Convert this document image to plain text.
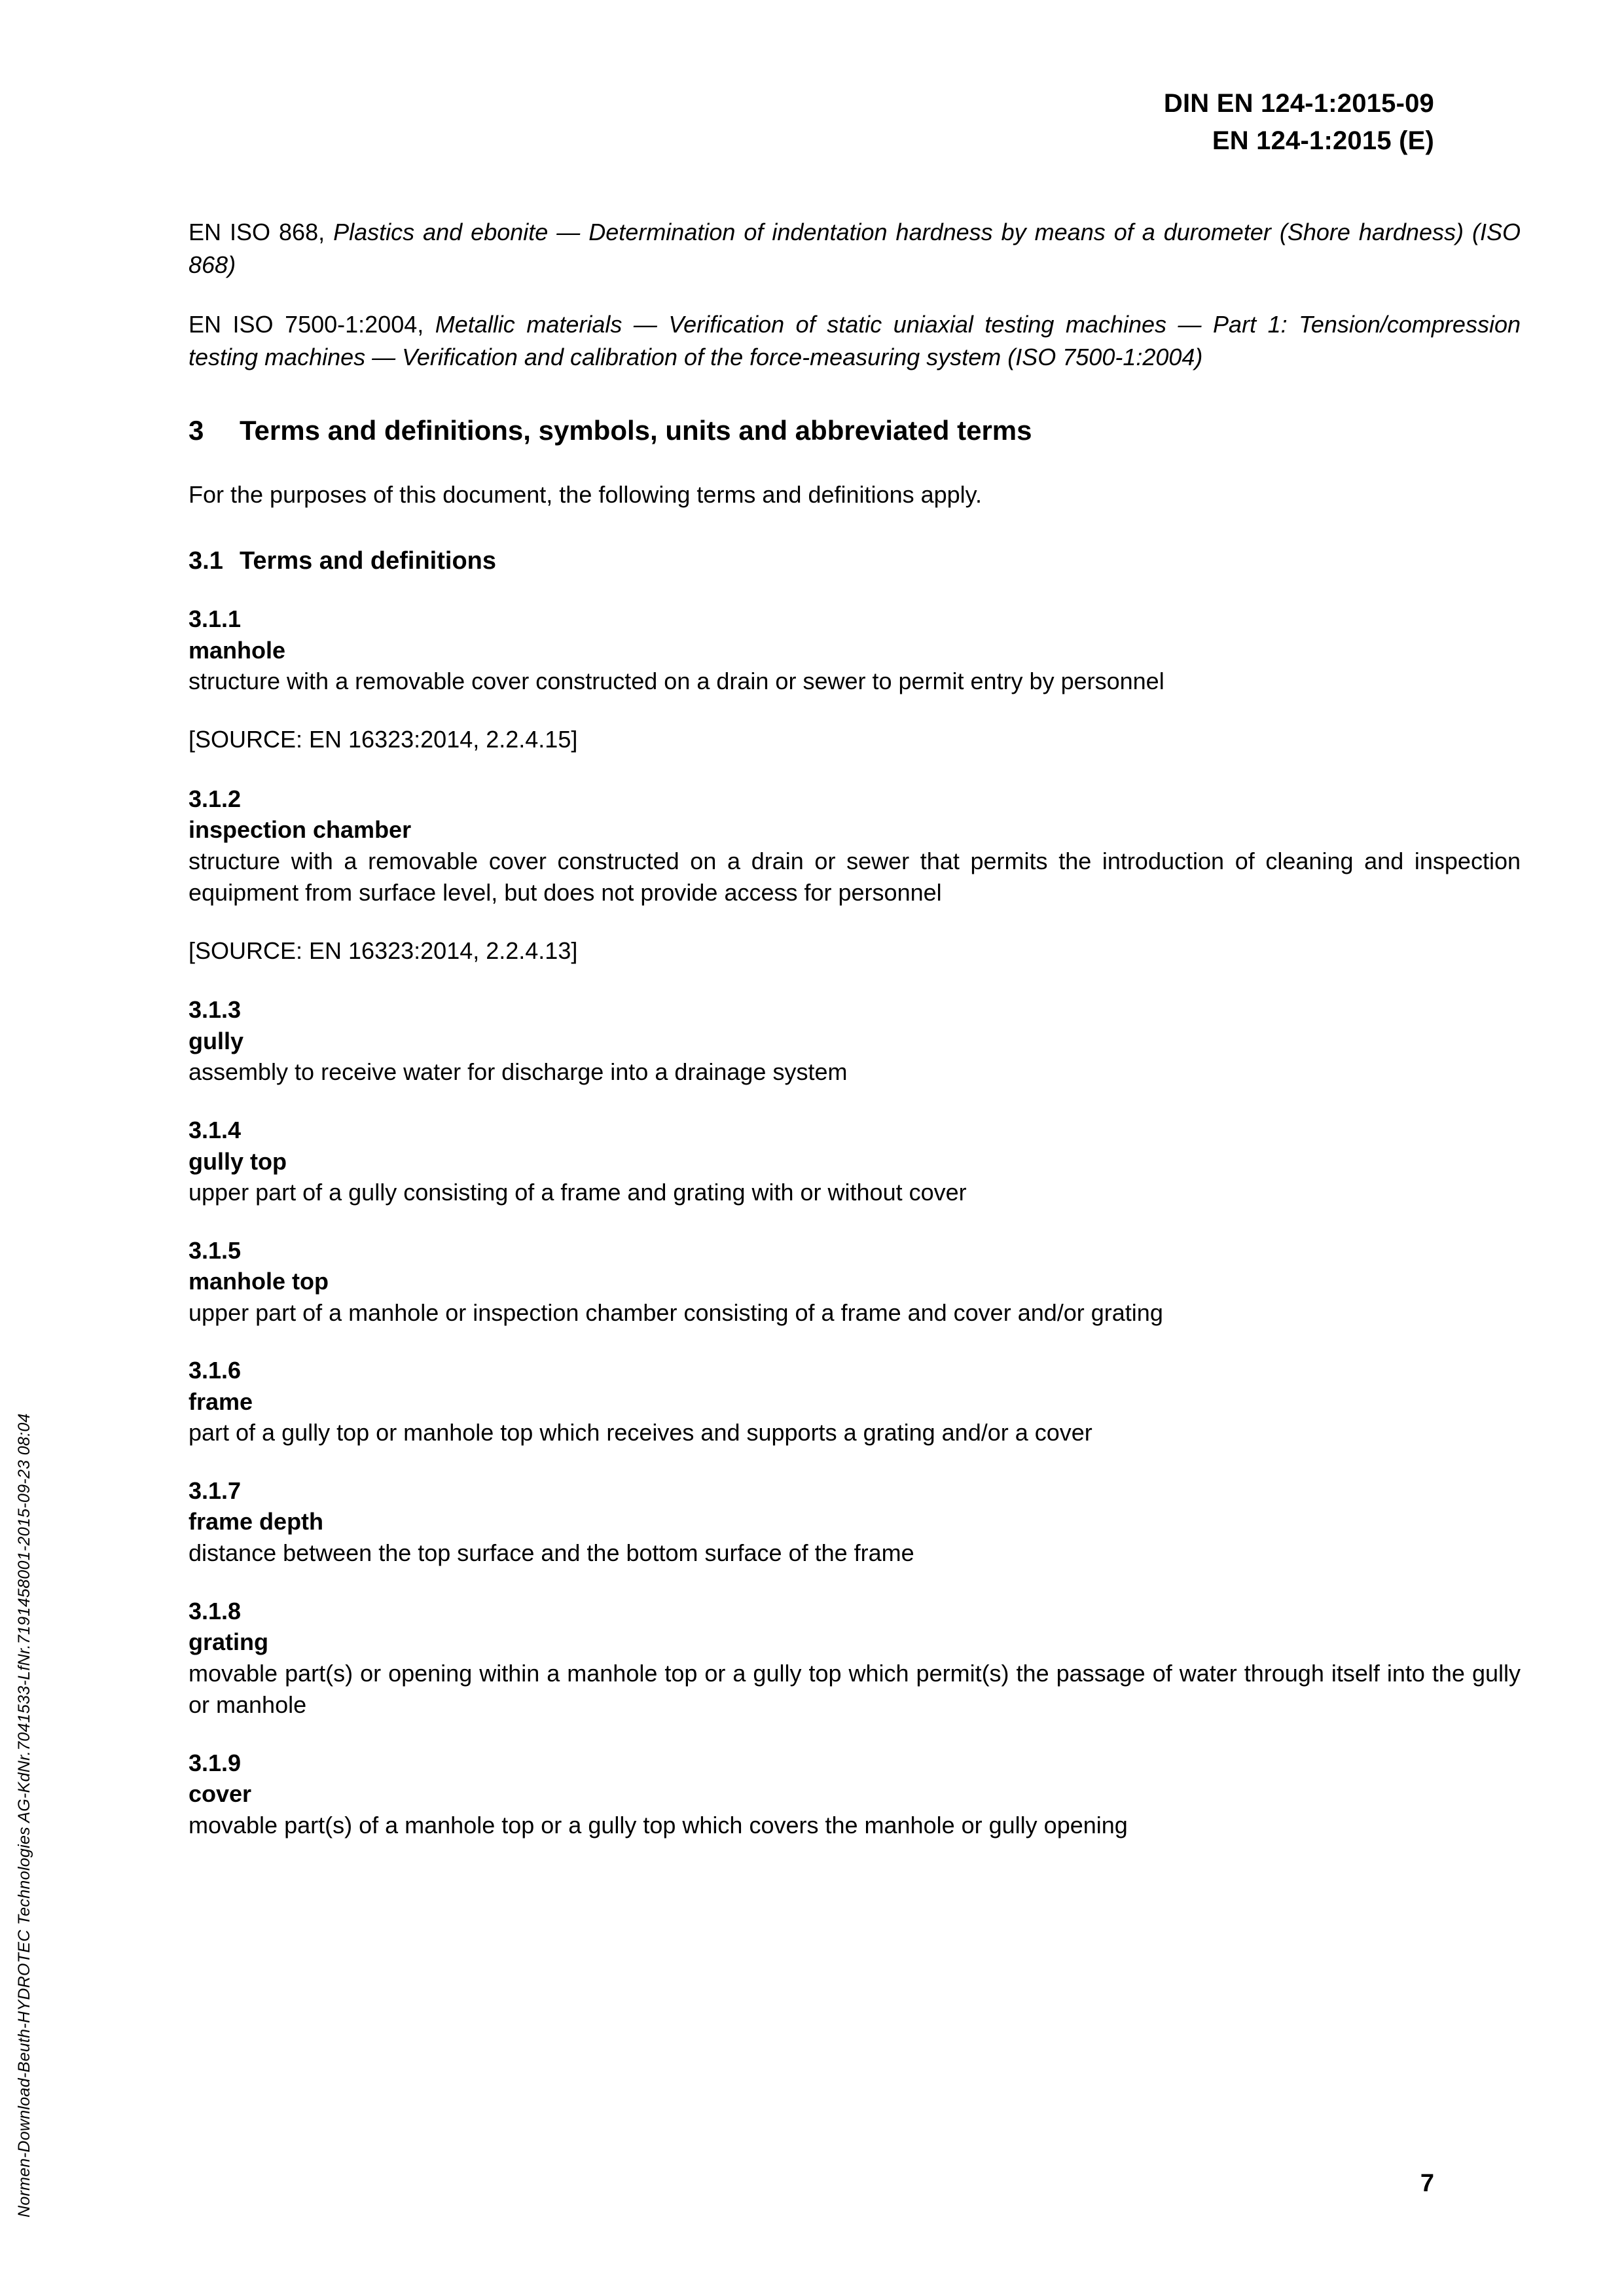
DIN EN 124-1:2015-09
EN 124-1:2015 (E)
Normen-Download-Beuth-HYDROTEC Technologies AG-KdNr.7041533-LfNr.7191458001-2015-09-23 08:04

EN ISO 868, Plastics and ebonite — Determination of indentation hardness by means of a durometer (Shore hardness) (ISO 868)

EN ISO 7500-1:2004, Metallic materials — Verification of static uniaxial testing machines — Part 1: Tension/compression testing machines — Verification and calibration of the force-measuring system (ISO 7500-1:2004)

3 Terms and definitions, symbols, units and abbreviated terms

For the purposes of this document, the following terms and definitions apply.

3.1 Terms and definitions
3.1.1
manhole
structure with a removable cover constructed on a drain or sewer to permit entry by personnel
[SOURCE: EN 16323:2014, 2.2.4.15]
3.1.2
inspection chamber
structure with a removable cover constructed on a drain or sewer that permits the introduction of cleaning and inspection equipment from surface level, but does not provide access for personnel
[SOURCE: EN 16323:2014, 2.2.4.13]
3.1.3
gully
assembly to receive water for discharge into a drainage system
3.1.4
gully top
upper part of a gully consisting of a frame and grating with or without cover
3.1.5
manhole top
upper part of a manhole or inspection chamber consisting of a frame and cover and/or grating
3.1.6
frame
part of a gully top or manhole top which receives and supports a grating and/or a cover
3.1.7
frame depth
distance between the top surface and the bottom surface of the frame
3.1.8
grating
movable part(s) or opening within a manhole top or a gully top which permit(s) the passage of water through itself into the gully or manhole
3.1.9
cover
movable part(s) of a manhole top or a gully top which covers the manhole or gully opening
7
